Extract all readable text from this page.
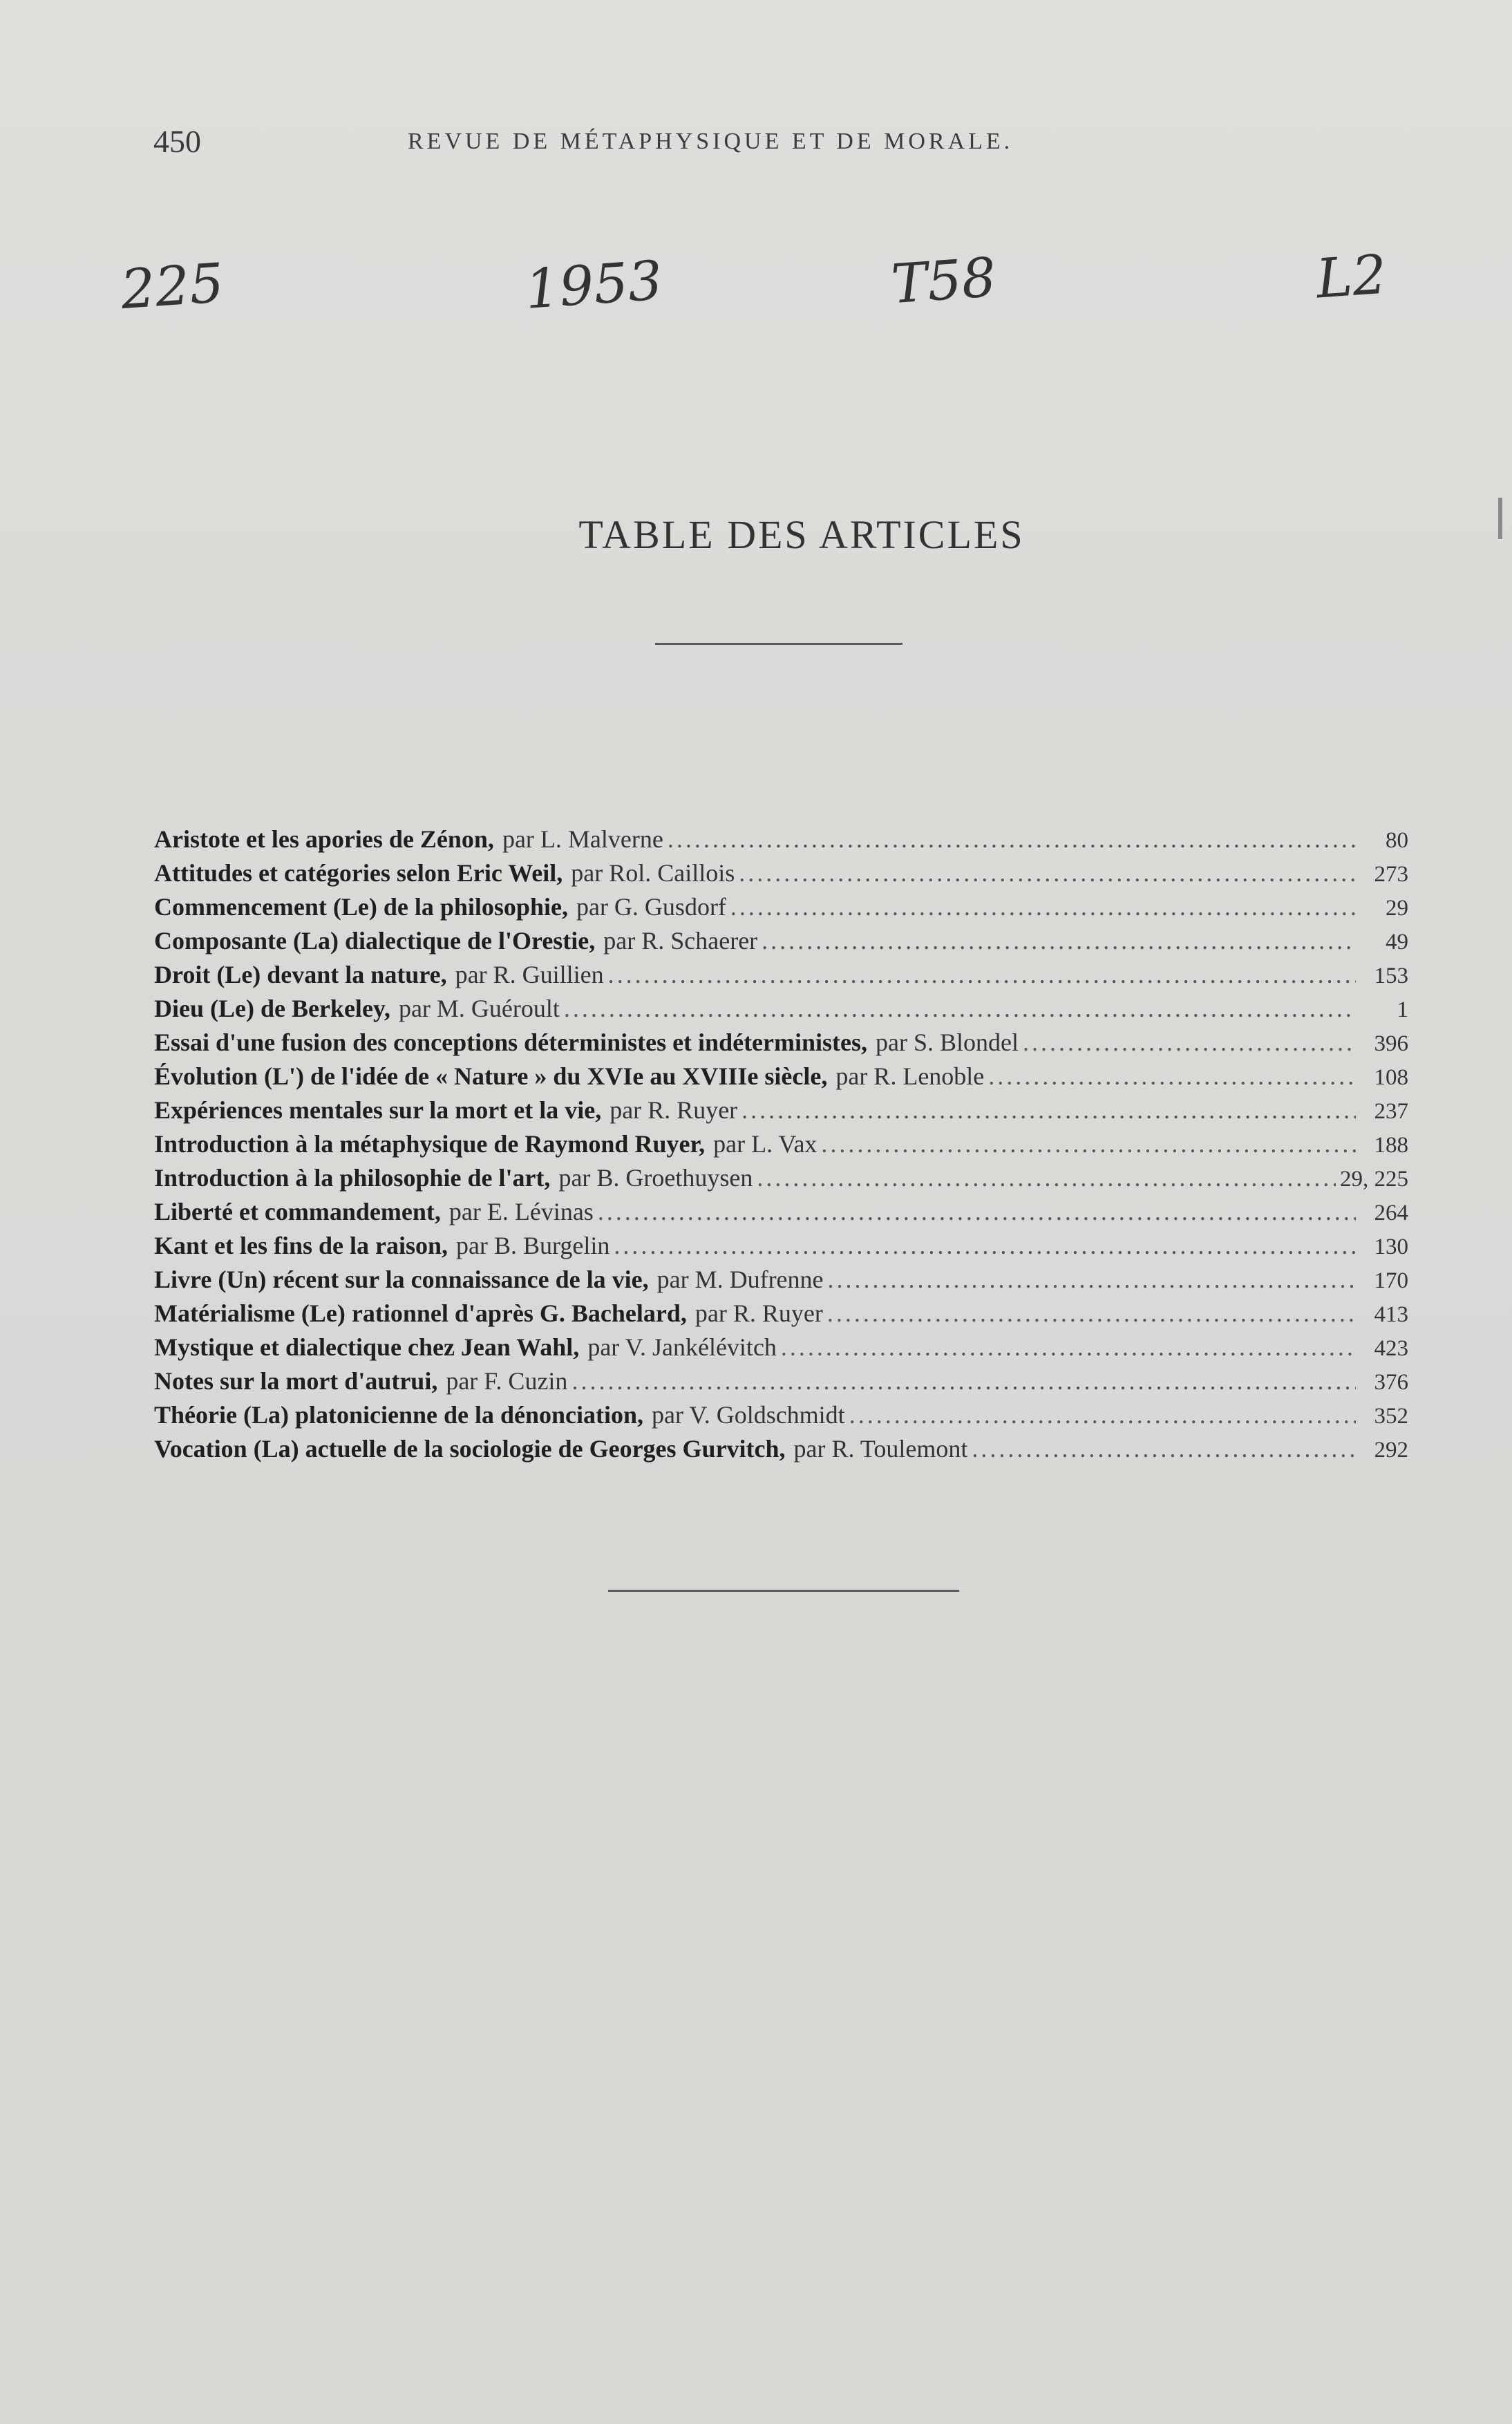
450	REVUE DE MÉTAPHYSIQUE ET DE MORALE.
225	1953	T58	L2
TABLE DES ARTICLES
Aristote et les apories de Zénon, par L. Malverne .....	80
Attitudes et catégories selon Eric Weil, par Rol. Caillois .....	273
Commencement (Le) de la philosophie, par G. Gusdorf .....	29
Composante (La) dialectique de l'Orestie, par R. Schaerer .....	49
Droit (Le) devant la nature, par R. Guillien .....	153
Dieu (Le) de Berkeley, par M. Guéroult .....	1
Essai d'une fusion des conceptions déterministes et indéterministes, par S. Blondel .....	396
Évolution (L') de l'idée de « Nature » du XVIe au XVIIIe siècle, par R. Lenoble .....	108
Expériences mentales sur la mort et la vie, par R. Ruyer .....	237
Introduction à la métaphysique de Raymond Ruyer, par L. Vax .....	188
Introduction à la philosophie de l'art, par B. Groethuysen .....	29, 225
Liberté et commandement, par E. Lévinas .....	264
Kant et les fins de la raison, par B. Burgelin .....	130
Livre (Un) récent sur la connaissance de la vie, par M. Dufrenne .....	170
Matérialisme (Le) rationnel d'après G. Bachelard, par R. Ruyer .....	413
Mystique et dialectique chez Jean Wahl, par V. Jankélévitch .....	423
Notes sur la mort d'autrui, par F. Cuzin .....	376
Théorie (La) platonicienne de la dénonciation, par V. Goldschmidt .....	352
Vocation (La) actuelle de la sociologie de Georges Gurvitch, par R. Toulemont .....	292
